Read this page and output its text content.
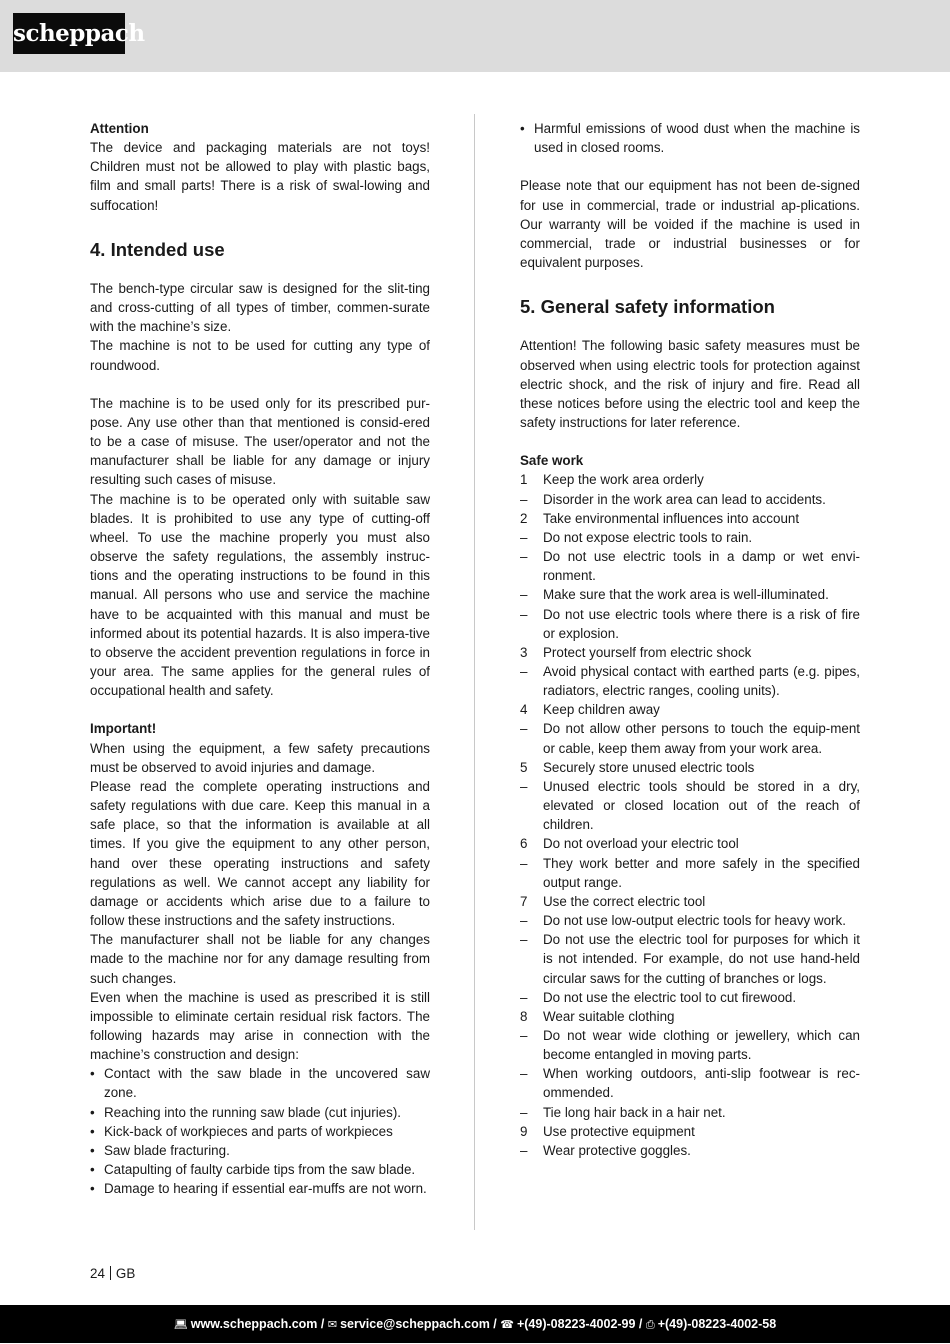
scheppach

Attention

The device and packaging materials are not toys! Children must not be allowed to play with plastic bags, film and small parts! There is a risk of swal-lowing and suffocation!

4. Intended use

The bench-type circular saw is designed for the slit-ting and cross-cutting of all types of timber, commen-surate with the machine’s size.

The machine is not to be used for cutting any type of roundwood.

The machine is to be used only for its prescribed pur-pose. Any use other than that mentioned is consid-ered to be a case of misuse. The user/operator and not the manufacturer shall be liable for any damage or injury resulting such cases of misuse.

The machine is to be operated only with suitable saw blades. It is prohibited to use any type of cutting-off wheel. To use the machine properly you must also observe the safety regulations, the assembly instruc-tions and the operating instructions to be found in this manual. All persons who use and service the machine have to be acquainted with this manual and must be informed about its potential hazards. It is also impera-tive to observe the accident prevention regulations in force in your area. The same applies for the general rules of occupational health and safety.

Important!

When using the equipment, a few safety precautions must be observed to avoid injuries and damage.

Please read the complete operating instructions and safety regulations with due care. Keep this manual in a safe place, so that the information is available at all times. If you give the equipment to any other person, hand over these operating instructions and safety regulations as well. We cannot accept any liability for damage or accidents which arise due to a failure to follow these instructions and the safety instructions.

The manufacturer shall not be liable for any changes made to the machine nor for any damage resulting from such changes.

Even when the machine is used as prescribed it is still impossible to eliminate certain residual risk factors. The following hazards may arise in connection with the machine’s construction and design:

• Contact with the saw blade in the uncovered saw zone.
• Reaching into the running saw blade (cut injuries).
• Kick-back of workpieces and parts of workpieces
• Saw blade fracturing.
• Catapulting of faulty carbide tips from the saw blade.
• Damage to hearing if essential ear-muffs are not worn.
• Harmful emissions of wood dust when the machine is used in closed rooms.

Please note that our equipment has not been de-signed for use in commercial, trade or industrial ap-plications. Our warranty will be voided if the machine is used in commercial, trade or industrial businesses or for equivalent purposes.

5. General safety information

Attention! The following basic safety measures must be observed when using electric tools for protection against electric shock, and the risk of injury and fire. Read all these notices before using the electric tool and keep the safety instructions for later reference.

Safe work

1	Keep the work area orderly
–	Disorder in the work area can lead to accidents.
2	Take environmental influences into account
–	Do not expose electric tools to rain.
–	Do not use electric tools in a damp or wet envi-ronment.
–	Make sure that the work area is well-illuminated.
–	Do not use electric tools where there is a risk of fire or explosion.
3	Protect yourself from electric shock
–	Avoid physical contact with earthed parts (e.g. pipes, radiators, electric ranges, cooling units).
4	Keep children away
–	Do not allow other persons to touch the equip-ment or cable, keep them away from your work area.
5	Securely store unused electric tools
–	Unused electric tools should be stored in a dry, elevated or closed location out of the reach of children.
6	Do not overload your electric tool
–	They work better and more safely in the specified output range.
7	Use the correct electric tool
–	Do not use low-output electric tools for heavy work.
–	Do not use the electric tool for purposes for which it is not intended. For example, do not use hand-held circular saws for the cutting of branches or logs.
–	Do not use the electric tool to cut firewood.
8	Wear suitable clothing
–	Do not wear wide clothing or jewellery, which can become entangled in moving parts.
–	When working outdoors, anti-slip footwear is rec-ommended.
–	Tie long hair back in a hair net.
9	Use protective equipment
–	Wear protective goggles.
24 GB
💻︎ www.scheppach.com / ✉︎ service@scheppach.com / ☎︎ +(49)-08223-4002-99 / ⎙ +(49)-08223-4002-58
